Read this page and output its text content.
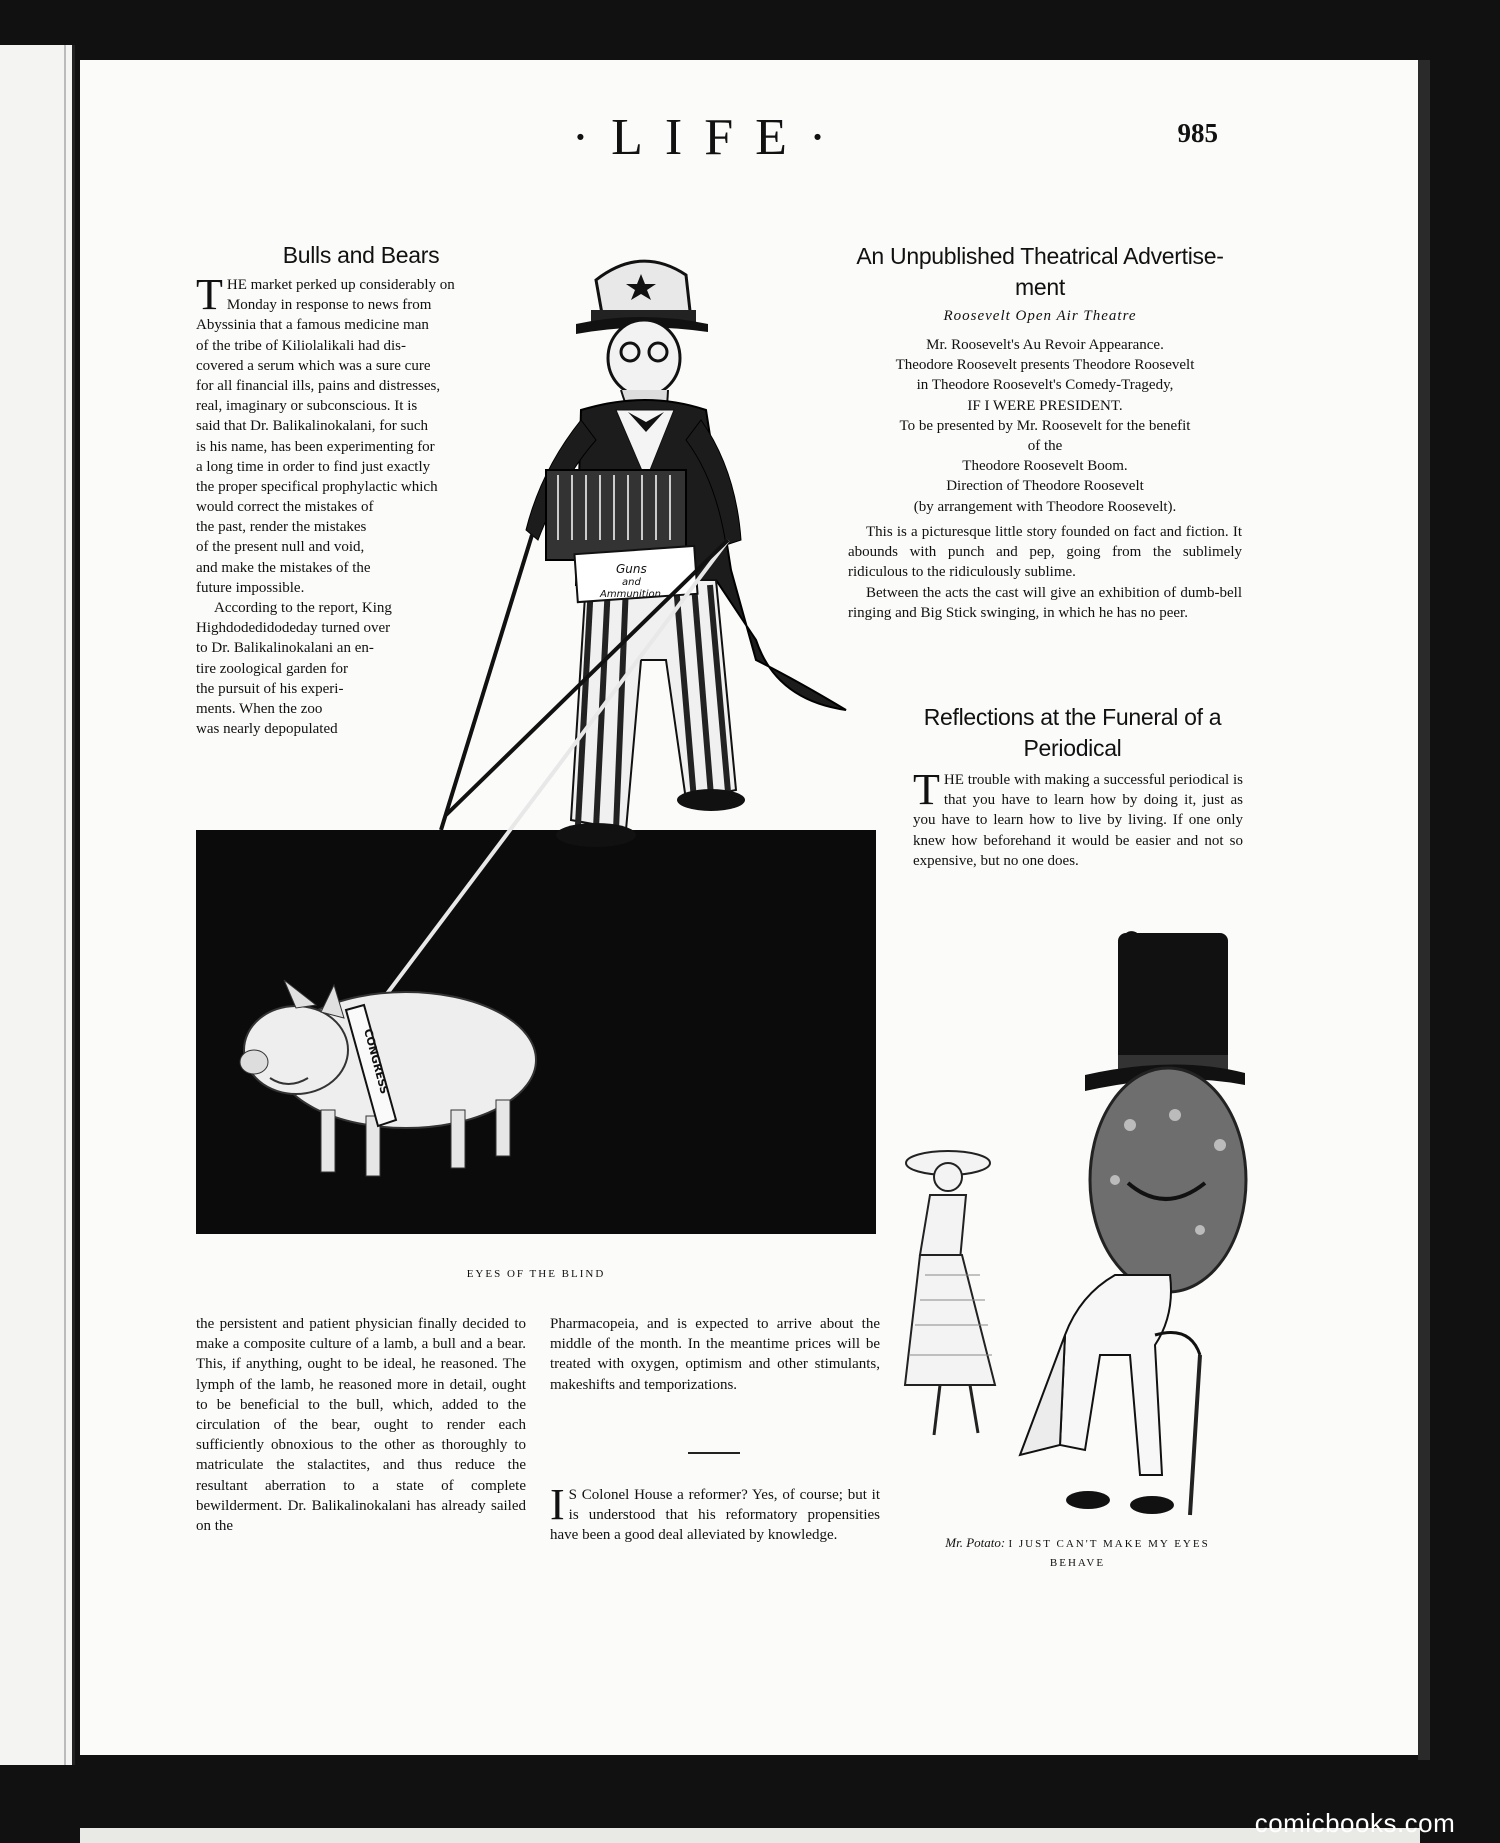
·LIFE·	985
Bulls and Bears
T HE market perked up considerably on
Monday in response to news from
Abyssinia that a famous medicine man
of the tribe of Kiliolalikali had dis-
covered a serum which was a sure cure
for all financial ills, pains and distresses,
real, imaginary or subconscious. It is
said that Dr. Balikalinokalani, for such
is his name, has been experimenting for
a long time in order to find just exactly
the proper specifical prophylactic which
would correct the mistakes of
the past, render the mistakes
of the present null and void,
and make the mistakes of the
future impossible.
According to the report, King
Highdodedidodeday turned over
to Dr. Balikalinokalani an en-
tire zoological garden for
the pursuit of his experi-
ments. When the zoo
was nearly depopulated
Guns
and
Ammunition
CONGRESS
EYES OF THE BLIND
the persistent and patient physician finally decided to make a composite culture of a lamb, a bull and a bear. This, if anything, ought to be ideal, he reasoned. The lymph of the lamb, he reasoned more in detail, ought to be beneficial to the bull, which, added to the circulation of the bear, ought to render each sufficiently obnoxious to the other as thoroughly to matriculate the stalactites, and thus reduce the resultant aberration to a state of complete bewilderment. Dr. Balikalinokalani has already sailed on the
Pharmacopeia, and is expected to arrive about the middle of the month. In the meantime prices will be treated with oxygen, optimism and other stimulants, makeshifts and temporizations.
I S Colonel House a reformer? Yes, of course; but it is understood that his reformatory propensities have been a good deal alleviated by knowledge.
An Unpublished Theatrical Advertise-
ment
Roosevelt Open Air Theatre
Mr. Roosevelt's Au Revoir Appearance.
Theodore Roosevelt presents Theodore Roosevelt
in Theodore Roosevelt's Comedy-Tragedy,
IF I WERE PRESIDENT.
To be presented by Mr. Roosevelt for the benefit
of the
Theodore Roosevelt Boom.
Direction of Theodore Roosevelt
(by arrangement with Theodore Roosevelt).

This is a picturesque little story founded on fact and fiction. It abounds with punch and pep, going from the sublimely ridiculous to the ridiculously sublime.

Between the acts the cast will give an exhibition of dumb-bell ringing and Big Stick swinging, in which he has no peer.

Reflections at the Funeral of a
Periodical
THE trouble with making a successful periodical is that you have to learn how by doing it, just as you have to learn how to live by living. If one only knew how beforehand it would be easier and not so expensive, but no one does.
Mr. Potato: I JUST CAN'T MAKE MY EYES
BEHAVE
comicbooks.com
